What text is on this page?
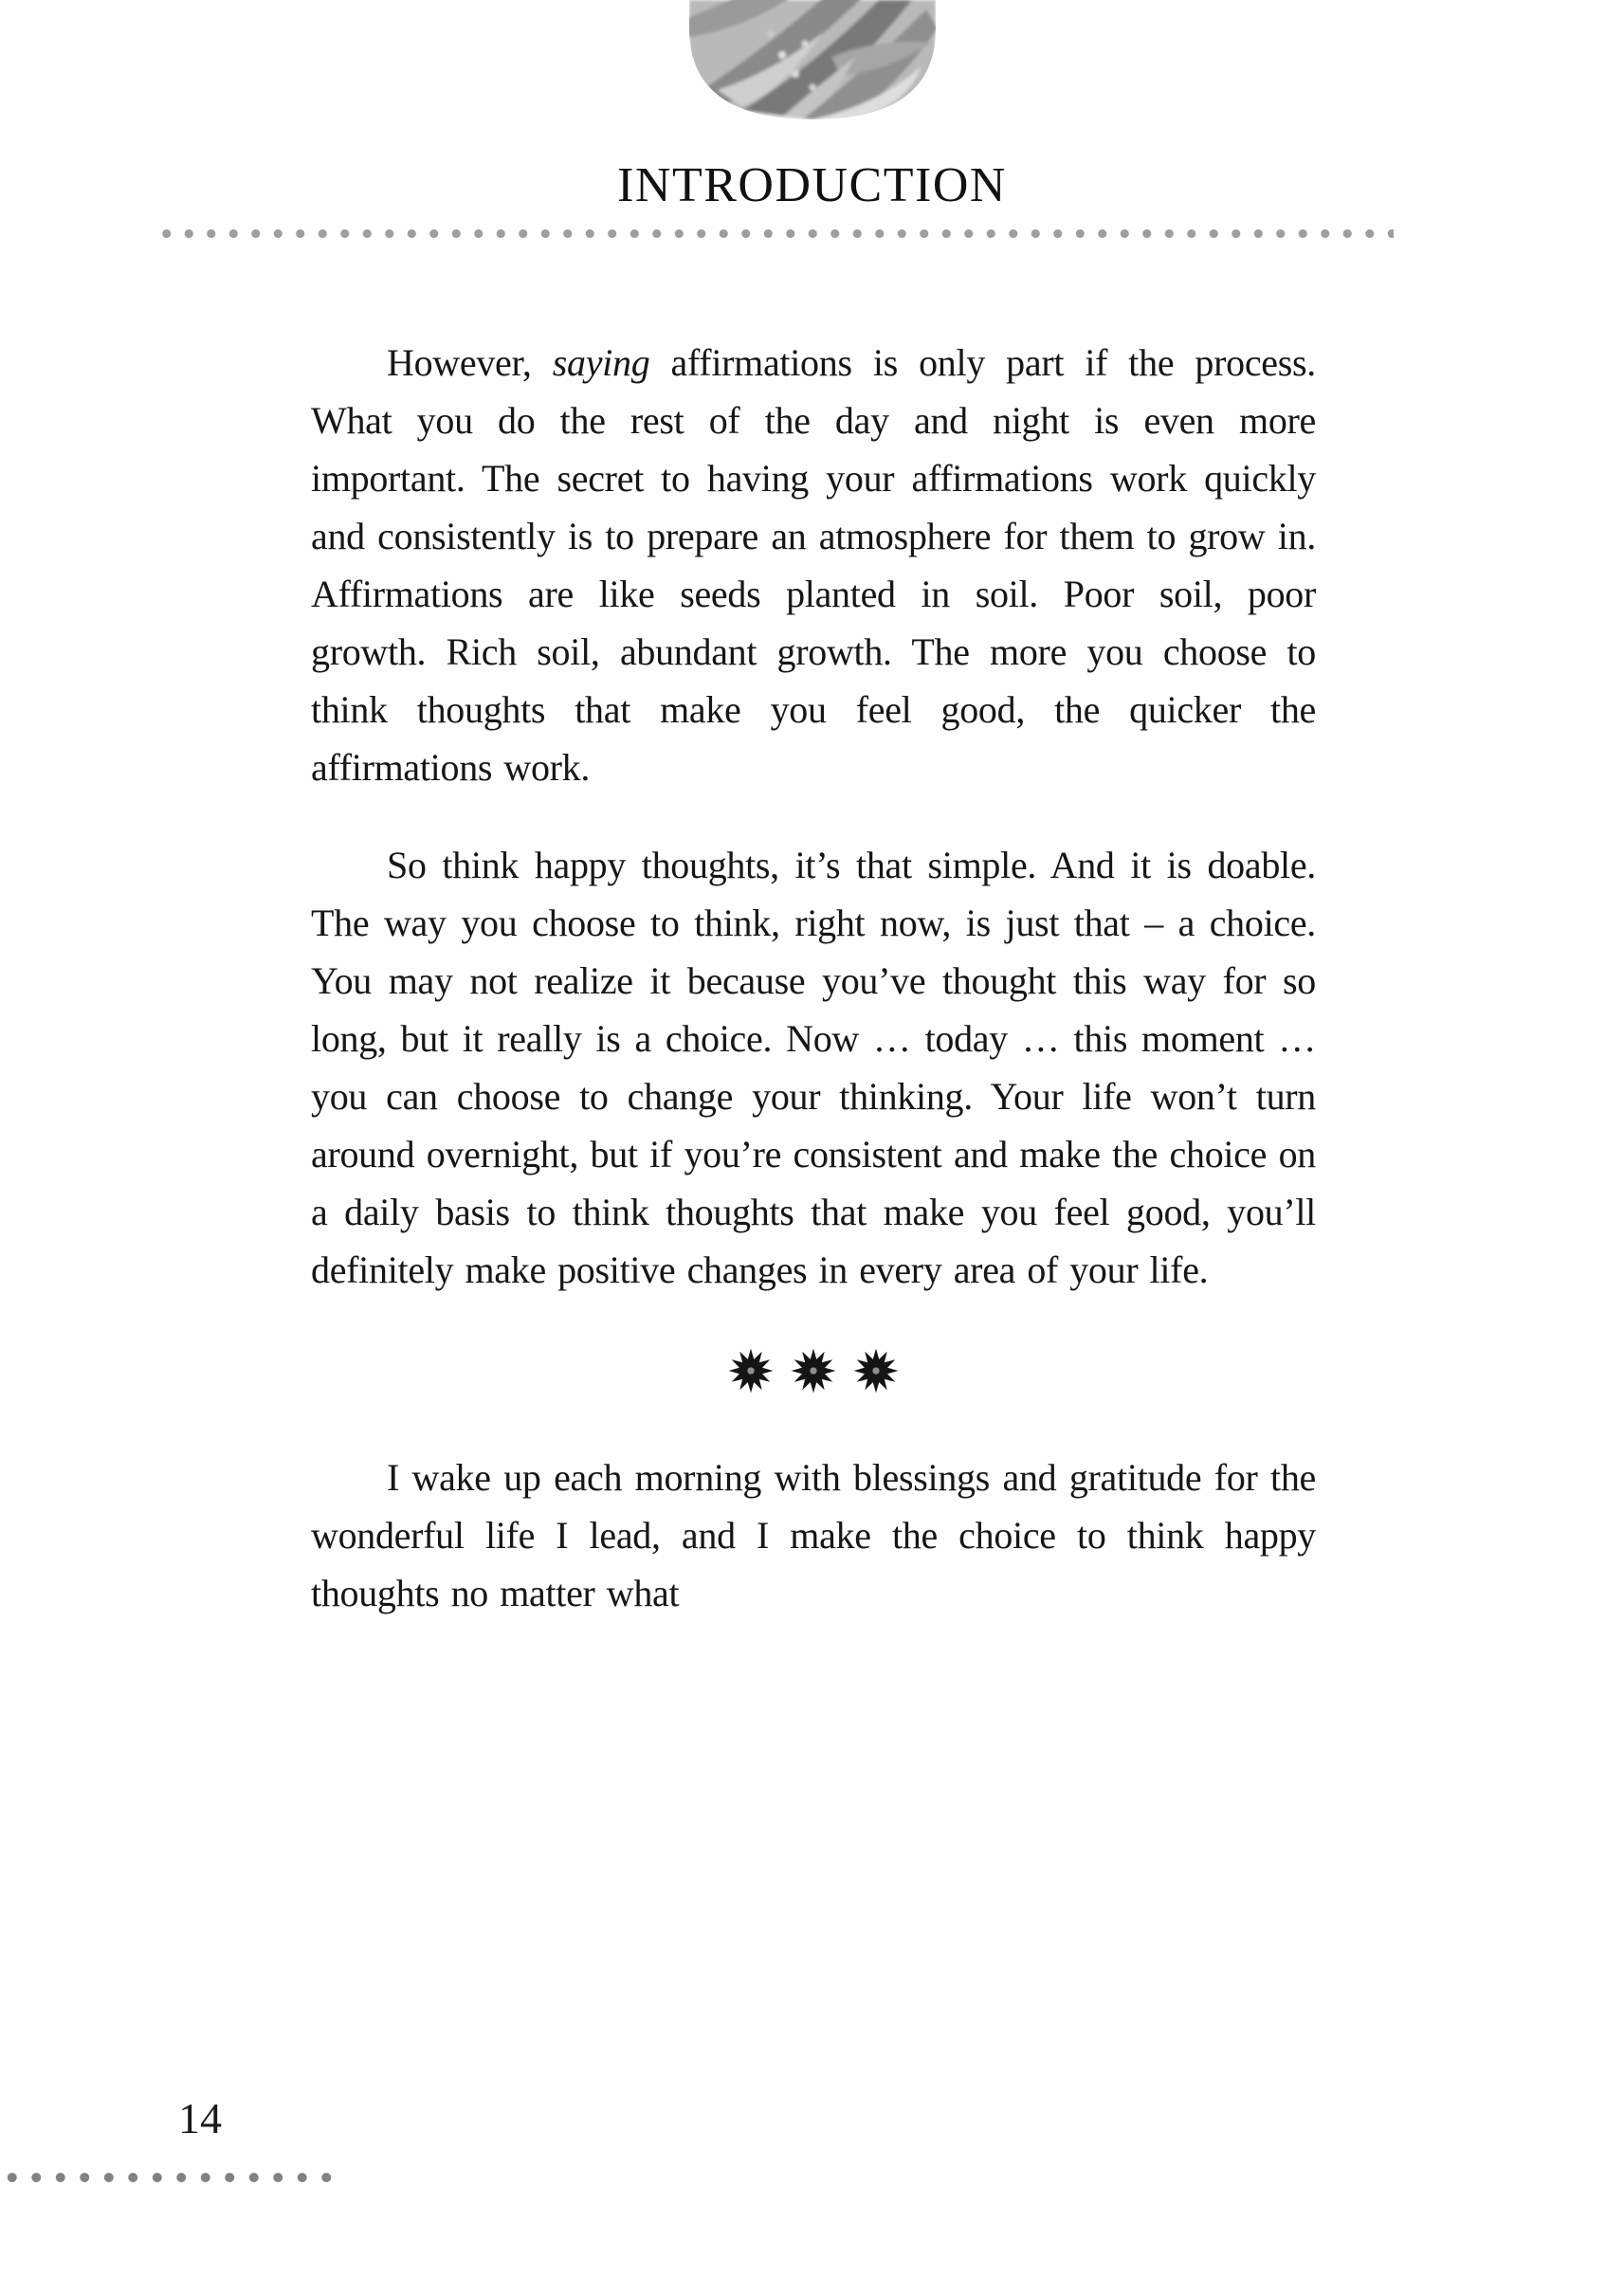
INTRODUCTION

However, saying affirmations is only part if the process. What you do the rest of the day and night is even more important. The secret to having your affirmations work quickly and consistently is to prepare an atmosphere for them to grow in. Affirmations are like seeds planted in soil. Poor soil, poor growth. Rich soil, abundant growth. The more you choose to think thoughts that make you feel good, the quicker the affirmations work.

So think happy thoughts, it’s that simple. And it is doable. The way you choose to think, right now, is just that – a choice. You may not realize it because you’ve thought this way for so long, but it really is a choice. Now … today … this moment … you can choose to change your thinking. Your life won’t turn around overnight, but if you’re consistent and make the choice on a daily basis to think thoughts that make you feel good, you’ll definitely make positive changes in every area of your life.

I wake up each morning with blessings and gratitude for the wonderful life I lead, and I make the choice to think happy thoughts no matter what

14
